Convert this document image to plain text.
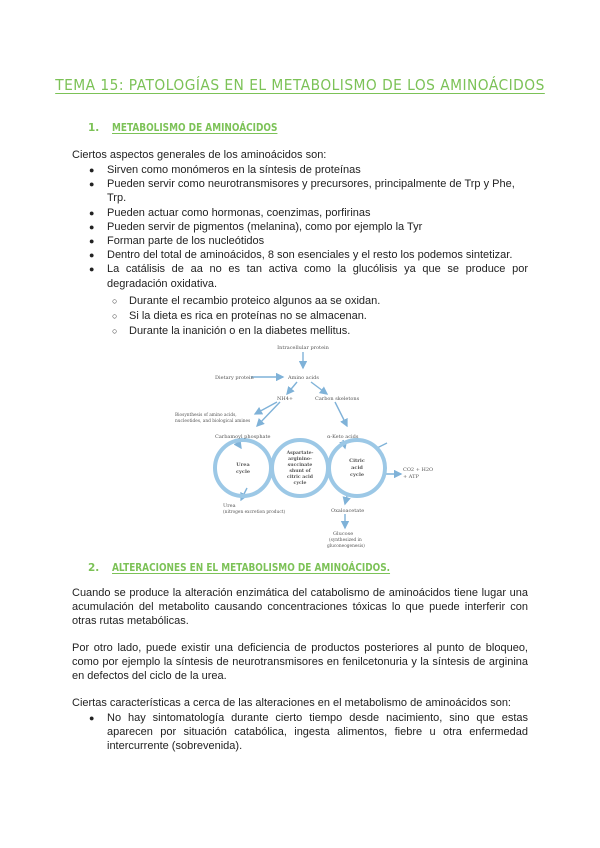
TEMA 15: PATOLOGÍAS EN EL METABOLISMO DE LOS AMINOÁCIDOS
1. METABOLISMO DE AMINOÁCIDOS
Ciertos aspectos generales de los aminoácidos son:
● Sirven como monómeros en la síntesis de proteínas
● Pueden servir como neurotransmisores y precursores, principalmente de Trp y Phe, Trp.
● Pueden actuar como hormonas, coenzimas, porfirinas
● Pueden servir de pigmentos (melanina), como por ejemplo la Tyr
● Forman parte de los nucleótidos
● Dentro del total de aminoácidos, 8 son esenciales y el resto los podemos sintetizar.
● La catálisis de aa no es tan activa como la glucólisis ya que se produce por degradación oxidativa.
○ Durante el recambio proteico algunos aa se oxidan.
○ Si la dieta es rica en proteínas no se almacenan.
○ Durante la inanición o en la diabetes mellitus.
Intracellular protein
Dietary protein	Amino acids
NH4+	Carbon skeletons
Biosynthesis of amino acids,
nucleotides, and biological amines
Carbamoyl phosphate	α-Keto acids
Urea
cycle
Aspartate-
arginino-
succinate
shunt of
citric acid
cycle
Citric
acid
cycle
CO2 + H2O
+ ATP
Urea
(nitrogen excretion product)	Oxaloacetate
Glucose
(synthesized in
gluconeogenesis)
2. ALTERACIONES EN EL METABOLISMO DE AMINOÁCIDOS.
Cuando se produce la alteración enzimática del catabolismo de aminoácidos tiene lugar una acumulación del metabolito causando concentraciones tóxicas lo que puede interferir con otras rutas metabólicas.
Por otro lado, puede existir una deficiencia de productos posteriores al punto de bloqueo, como por ejemplo la síntesis de neurotransmisores en fenilcetonuria y la síntesis de arginina en defectos del ciclo de la urea.
Ciertas características a cerca de las alteraciones en el metabolismo de aminoácidos son:
● No hay sintomatología durante cierto tiempo desde nacimiento, sino que estas aparecen por situación catabólica, ingesta alimentos, fiebre u otra enfermedad intercurrente (sobrevenida).
